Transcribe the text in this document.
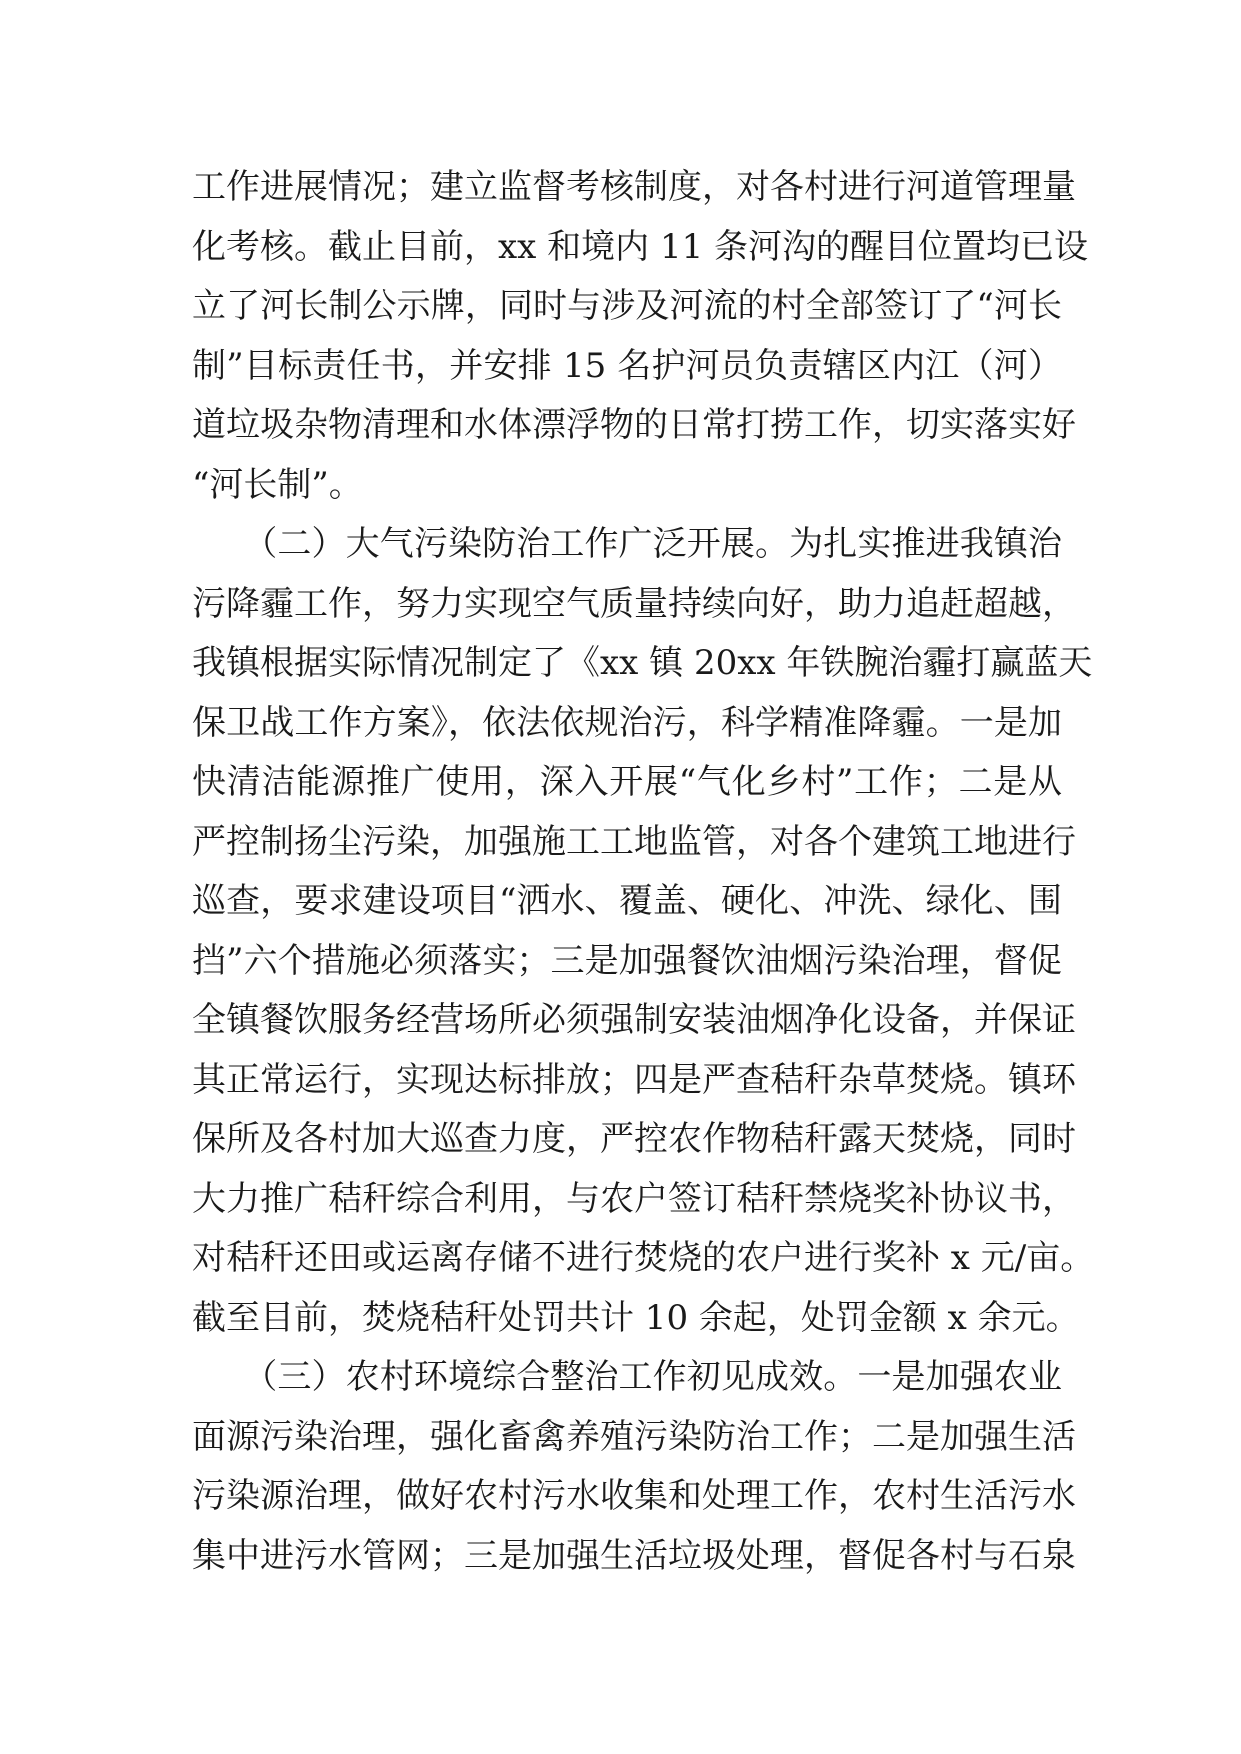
工作进展情况；建立监督考核制度，对各村进行河道管理量
化考核。截止目前，xx 和境内 11 条河沟的醒目位置均已设
立了河长制公示牌，同时与涉及河流的村全部签订了“河长
制”目标责任书，并安排 15 名护河员负责辖区内江（河）
道垃圾杂物清理和水体漂浮物的日常打捞工作，切实落实好
“河长制”。
　　（二）大气污染防治工作广泛开展。为扎实推进我镇治
污降霾工作，努力实现空气质量持续向好，助力追赶超越，
我镇根据实际情况制定了《xx 镇 20xx 年铁腕治霾打赢蓝天
保卫战工作方案》，依法依规治污，科学精准降霾。一是加
快清洁能源推广使用，深入开展“气化乡村”工作；二是从
严控制扬尘污染，加强施工工地监管，对各个建筑工地进行
巡查，要求建设项目“洒水、覆盖、硬化、冲洗、绿化、围
挡”六个措施必须落实；三是加强餐饮油烟污染治理，督促
全镇餐饮服务经营场所必须强制安装油烟净化设备，并保证
其正常运行，实现达标排放；四是严查秸秆杂草焚烧。镇环
保所及各村加大巡查力度，严控农作物秸秆露天焚烧，同时
大力推广秸秆综合利用，与农户签订秸秆禁烧奖补协议书，
对秸秆还田或运离存储不进行焚烧的农户进行奖补 x 元/亩。
截至目前，焚烧秸秆处罚共计 10 余起，处罚金额 x 余元。
　　（三）农村环境综合整治工作初见成效。一是加强农业
面源污染治理，强化畜禽养殖污染防治工作；二是加强生活
污染源治理，做好农村污水收集和处理工作，农村生活污水
集中进污水管网；三是加强生活垃圾处理，督促各村与石泉
